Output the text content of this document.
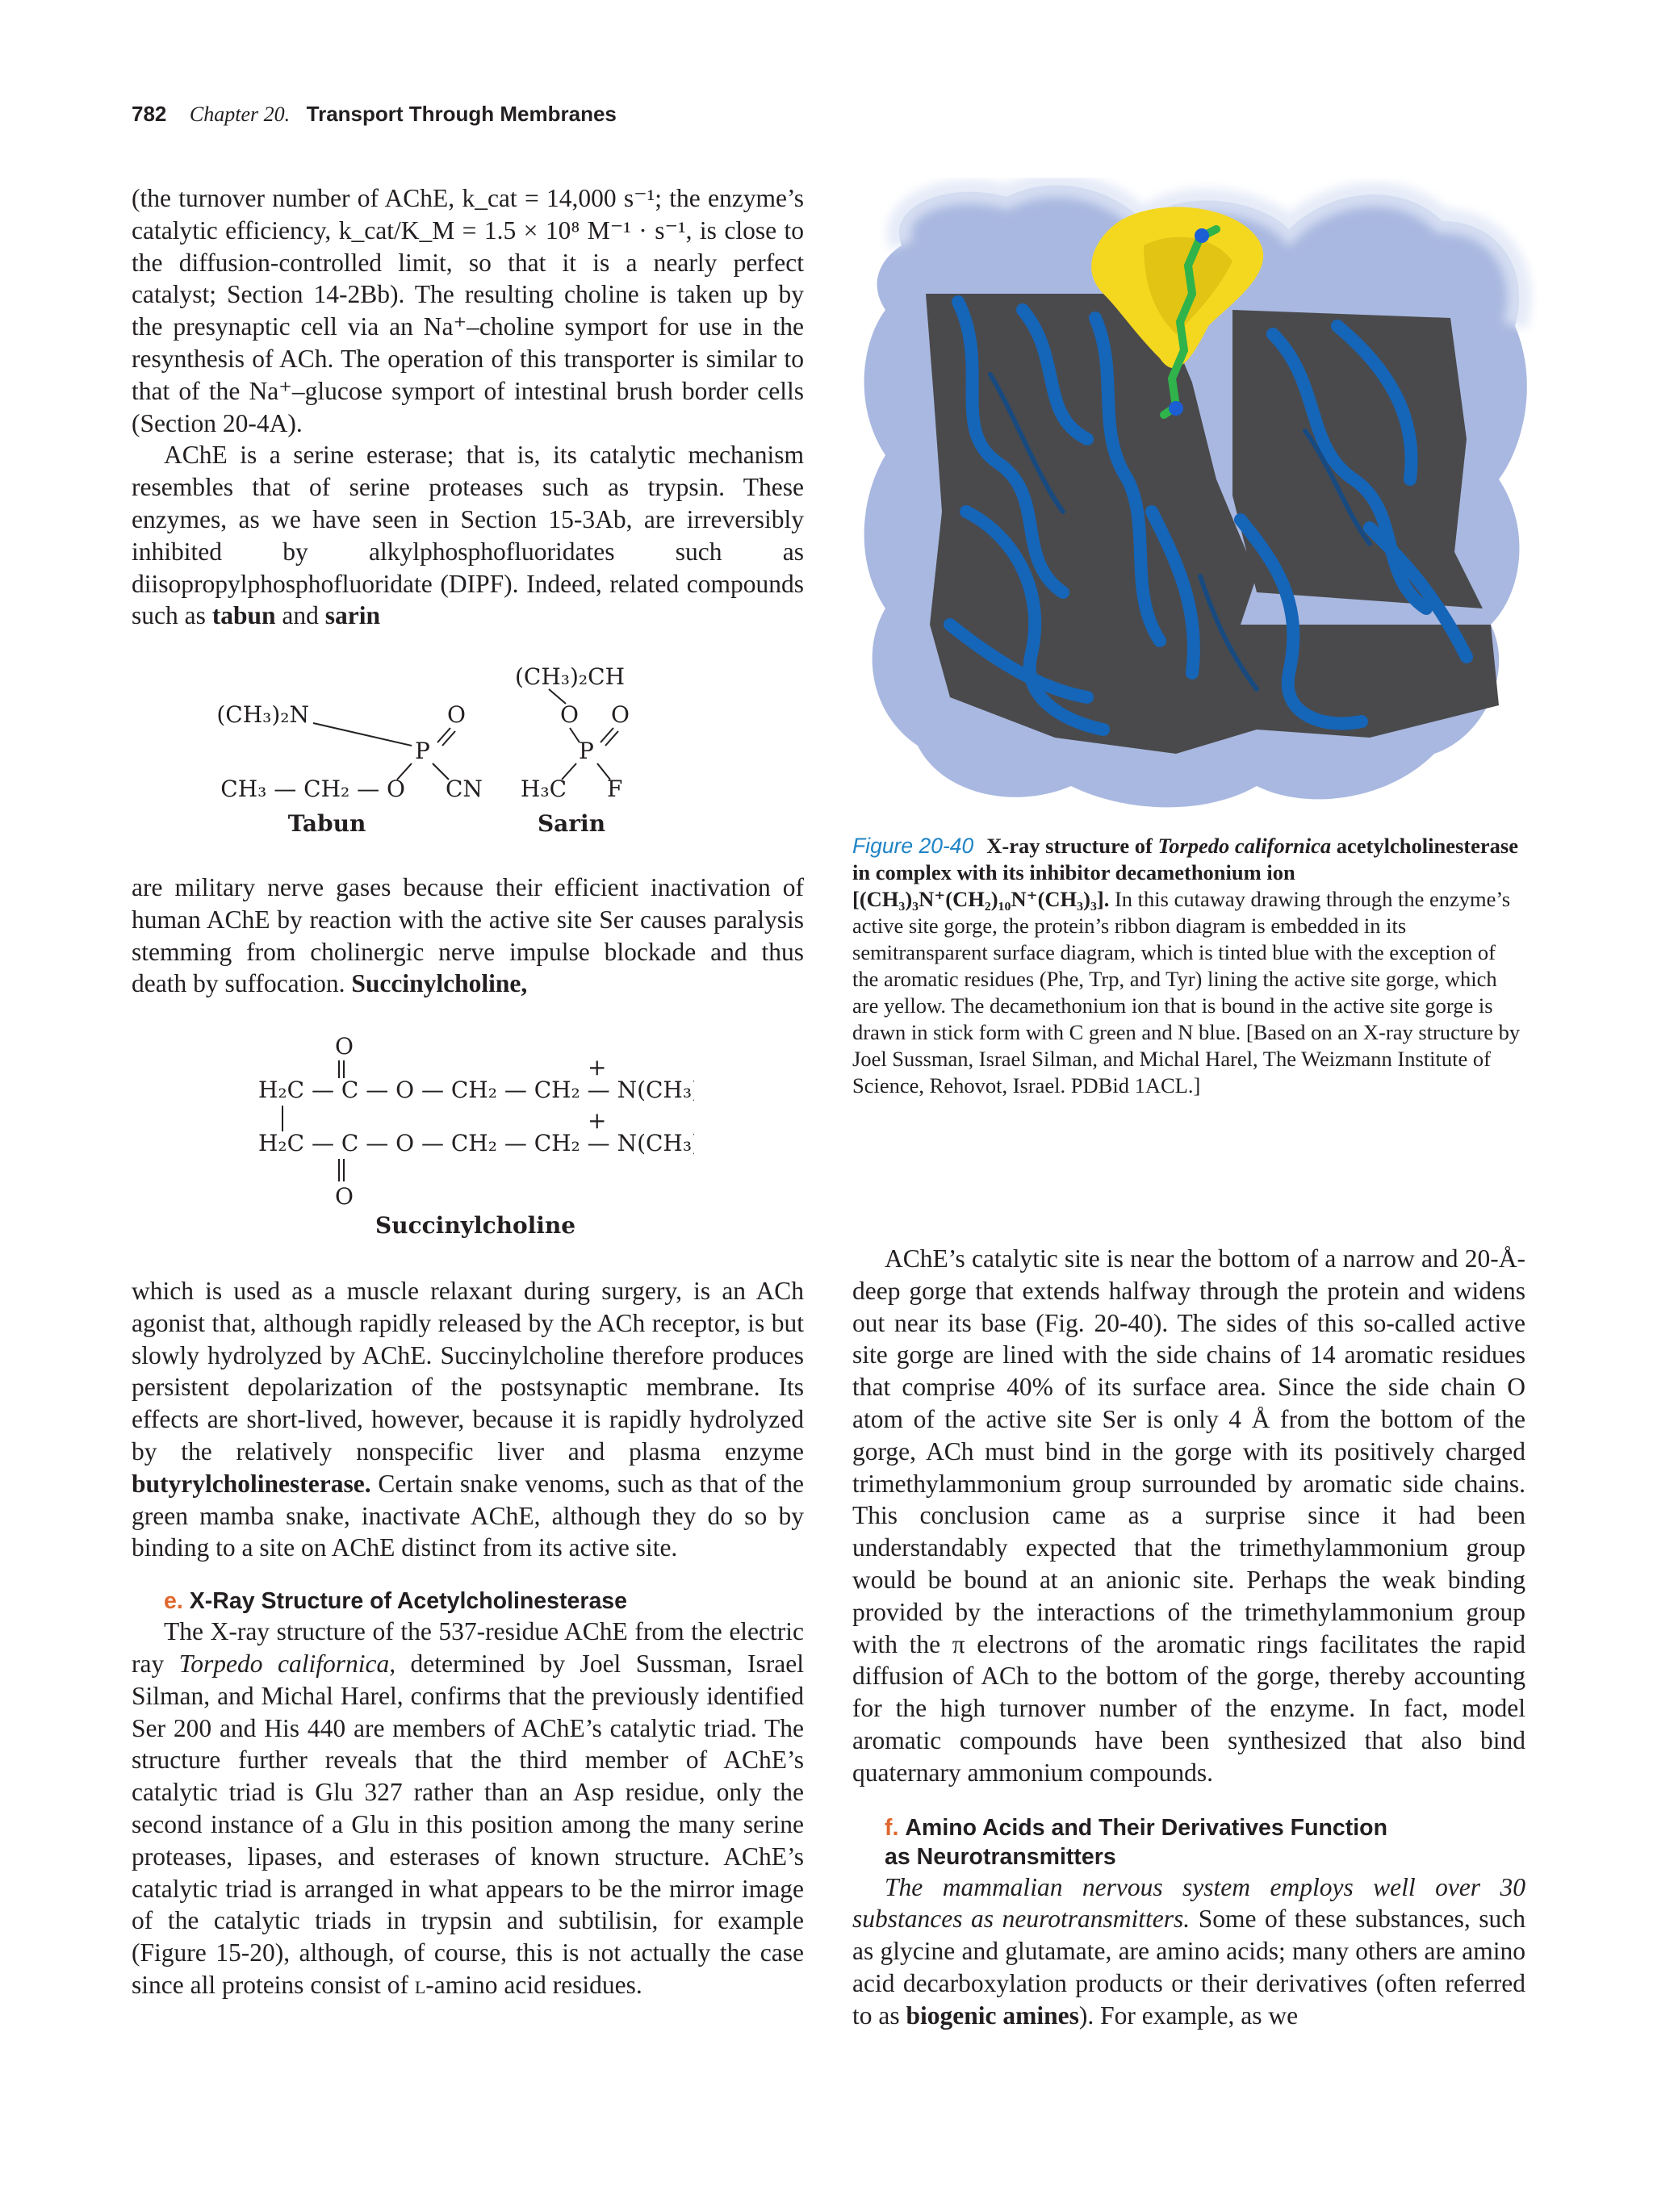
782 Chapter 20. Transport Through Membranes

(the turnover number of AChE, k_cat = 14,000 s⁻¹; the enzyme’s catalytic efficiency, k_cat/K_M = 1.5 × 10⁸ M⁻¹ · s⁻¹, is close to the diffusion-controlled limit, so that it is a nearly perfect catalyst; Section 14-2Bb). The resulting choline is taken up by the presynaptic cell via an Na⁺–choline symport for use in the resynthesis of ACh. The operation of this transporter is similar to that of the Na⁺–glucose symport of intestinal brush border cells (Section 20-4A).

AChE is a serine esterase; that is, its catalytic mechanism resembles that of serine proteases such as trypsin. These enzymes, as we have seen in Section 15-3Ab, are irreversibly inhibited by alkylphosphofluoridates such as diisopropylphosphofluoridate (DIPF). Indeed, related compounds such as tabun and sarin

(CH₃)₂N	O
P
CH₃ — CH₂ — O CN
Tabun
(CH₃)₂CH
O O
P
H₃C F
Sarin

are military nerve gases because their efficient inactivation of human AChE by reaction with the active site Ser causes paralysis stemming from cholinergic nerve impulse blockade and thus death by suffocation. Succinylcholine,

O
+
H₂C — C — O — CH₂ — CH₂ — N(CH₃)₃
+
H₂C — C — O — CH₂ — CH₂ — N(CH₃)₃
O
Succinylcholine

which is used as a muscle relaxant during surgery, is an ACh agonist that, although rapidly released by the ACh receptor, is but slowly hydrolyzed by AChE. Succinylcholine therefore produces persistent depolarization of the postsynaptic membrane. Its effects are short-lived, however, because it is rapidly hydrolyzed by the relatively nonspecific liver and plasma enzyme butyrylcholinesterase. Certain snake venoms, such as that of the green mamba snake, inactivate AChE, although they do so by binding to a site on AChE distinct from its active site.

e. X-Ray Structure of Acetylcholinesterase

The X-ray structure of the 537-residue AChE from the electric ray Torpedo californica, determined by Joel Sussman, Israel Silman, and Michal Harel, confirms that the previously identified Ser 200 and His 440 are members of AChE’s catalytic triad. The structure further reveals that the third member of AChE’s catalytic triad is Glu 327 rather than an Asp residue, only the second instance of a Glu in this position among the many serine proteases, lipases, and esterases of known structure. AChE’s catalytic triad is arranged in what appears to be the mirror image of the catalytic triads in trypsin and subtilisin, for example (Figure 15-20), although, of course, this is not actually the case since all proteins consist of l-amino acid residues.

Figure 20-40 X-ray structure of Torpedo californica acetylcholinesterase in complex with its inhibitor decamethonium ion [(CH₃)₃N⁺(CH₂)₁₀N⁺(CH₃)₃]. In this cutaway drawing through the enzyme’s active site gorge, the protein’s ribbon diagram is embedded in its semitransparent surface diagram, which is tinted blue with the exception of the aromatic residues (Phe, Trp, and Tyr) lining the active site gorge, which are yellow. The decamethonium ion that is bound in the active site gorge is drawn in stick form with C green and N blue. [Based on an X-ray structure by Joel Sussman, Israel Silman, and Michal Harel, The Weizmann Institute of Science, Rehovot, Israel. PDBid 1ACL.]

AChE’s catalytic site is near the bottom of a narrow and 20-Å-deep gorge that extends halfway through the protein and widens out near its base (Fig. 20-40). The sides of this so-called active site gorge are lined with the side chains of 14 aromatic residues that comprise 40% of its surface area. Since the side chain O atom of the active site Ser is only 4 Å from the bottom of the gorge, ACh must bind in the gorge with its positively charged trimethylammonium group surrounded by aromatic side chains. This conclusion came as a surprise since it had been understandably expected that the trimethylammonium group would be bound at an anionic site. Perhaps the weak binding provided by the interactions of the trimethylammonium group with the π electrons of the aromatic rings facilitates the rapid diffusion of ACh to the bottom of the gorge, thereby accounting for the high turnover number of the enzyme. In fact, model aromatic compounds have been synthesized that also bind quaternary ammonium compounds.

f. Amino Acids and Their Derivatives Function

as Neurotransmitters

The mammalian nervous system employs well over 30 substances as neurotransmitters. Some of these substances, such as glycine and glutamate, are amino acids; many others are amino acid decarboxylation products or their derivatives (often referred to as biogenic amines). For example, as we
